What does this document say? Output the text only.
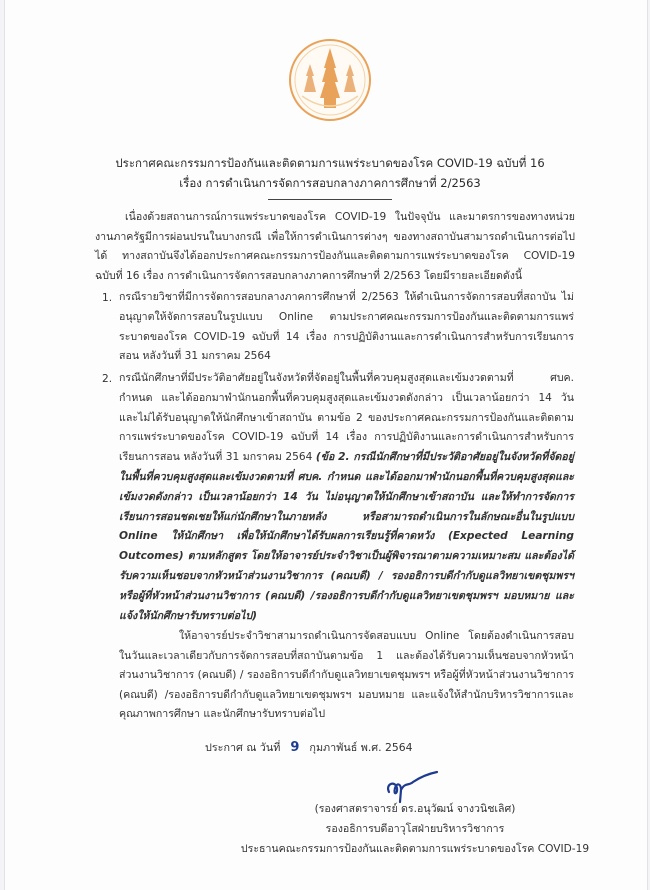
ประกาศคณะกรรมการป้องกันและติดตามการแพร่ระบาดของโรค COVID-19 ฉบับที่ 16
เรื่อง การดำเนินการจัดการสอบกลางภาคการศึกษาที่ 2/2563
เนื่องด้วยสถานการณ์การแพร่ระบาดของโรค COVID-19 ในปัจจุบัน และมาตรการของทางหน่วยงานภาครัฐมีการผ่อนปรนในบางกรณี เพื่อให้การดำเนินการต่างๆ ของทางสถาบันสามารถดำเนินการต่อไปได้ ทางสถาบันจึงได้ออกประกาศคณะกรรมการป้องกันและติดตามการแพร่ระบาดของโรค COVID-19 ฉบับที่ 16 เรื่อง การดำเนินการจัดการสอบกลางภาคการศึกษาที่ 2/2563 โดยมีรายละเอียดดังนี้
1. กรณีรายวิชาที่มีการจัดการสอบกลางภาคการศึกษาที่ 2/2563 ให้ดำเนินการจัดการสอบที่สถาบัน ไม่อนุญาตให้จัดการสอบในรูปแบบ Online ตามประกาศคณะกรรมการป้องกันและติดตามการแพร่ระบาดของโรค COVID-19 ฉบับที่ 14 เรื่อง การปฏิบัติงานและการดำเนินการสำหรับการเรียนการสอน หลังวันที่ 31 มกราคม 2564
2. กรณีนักศึกษาที่มีประวัติอาศัยอยู่ในจังหวัดที่จัดอยู่ในพื้นที่ควบคุมสูงสุดและเข้มงวดตามที่ ศบค. กำหนด และได้ออกมาพำนักนอกพื้นที่ควบคุมสูงสุดและเข้มงวดดังกล่าว เป็นเวลาน้อยกว่า 14 วัน และไม่ได้รับอนุญาตให้นักศึกษาเข้าสถาบัน ตามข้อ 2 ของประกาศคณะกรรมการป้องกันและติดตามการแพร่ระบาดของโรค COVID-19 ฉบับที่ 14 เรื่อง การปฏิบัติงานและการดำเนินการสำหรับการเรียนการสอน หลังวันที่ 31 มกราคม 2564 (ข้อ 2. กรณีนักศึกษาที่มีประวัติอาศัยอยู่ในจังหวัดที่จัดอยู่ในพื้นที่ควบคุมสูงสุดและเข้มงวดตามที่ ศบค. กำหนด และได้ออกมาพำนักนอกพื้นที่ควบคุมสูงสุดและเข้มงวดดังกล่าว เป็นเวลาน้อยกว่า 14 วัน ไม่อนุญาตให้นักศึกษาเข้าสถาบัน และให้ทำการจัดการเรียนการสอนชดเชยให้แก่นักศึกษาในภายหลัง หรือสามารถดำเนินการในลักษณะอื่นในรูปแบบ Online ให้นักศึกษา เพื่อให้นักศึกษาได้รับผลการเรียนรู้ที่คาดหวัง (Expected Learning Outcomes) ตามหลักสูตร โดยให้อาจารย์ประจำวิชาเป็นผู้พิจารณาตามความเหมาะสม และต้องได้รับความเห็นชอบจากหัวหน้าส่วนงานวิชาการ (คณบดี) / รองอธิการบดีกำกับดูแลวิทยาเขตชุมพรฯ หรือผู้ที่หัวหน้าส่วนงานวิชาการ (คณบดี) /รองอธิการบดีกำกับดูแลวิทยาเขตชุมพรฯ มอบหมาย และแจ้งให้นักศึกษารับทราบต่อไป)
ให้อาจารย์ประจำวิชาสามารถดำเนินการจัดสอบแบบ Online โดยต้องดำเนินการสอบในวันและเวลาเดียวกับการจัดการสอบที่สถาบันตามข้อ 1 และต้องได้รับความเห็นชอบจากหัวหน้าส่วนงานวิชาการ (คณบดี) / รองอธิการบดีกำกับดูแลวิทยาเขตชุมพรฯ หรือผู้ที่หัวหน้าส่วนงานวิชาการ (คณบดี) /รองอธิการบดีกำกับดูแลวิทยาเขตชุมพรฯ มอบหมาย และแจ้งให้สำนักบริหารวิชาการและคุณภาพการศึกษา และนักศึกษารับทราบต่อไป
ประกาศ ณ วันที่ 9 กุมภาพันธ์ พ.ศ. 2564
(รองศาสตราจารย์ ดร.อนุวัฒน์ จางวนิชเลิศ)
รองอธิการบดีอาวุโสฝ่ายบริหารวิชาการ
ประธานคณะกรรมการป้องกันและติดตามการแพร่ระบาดของโรค COVID-19
